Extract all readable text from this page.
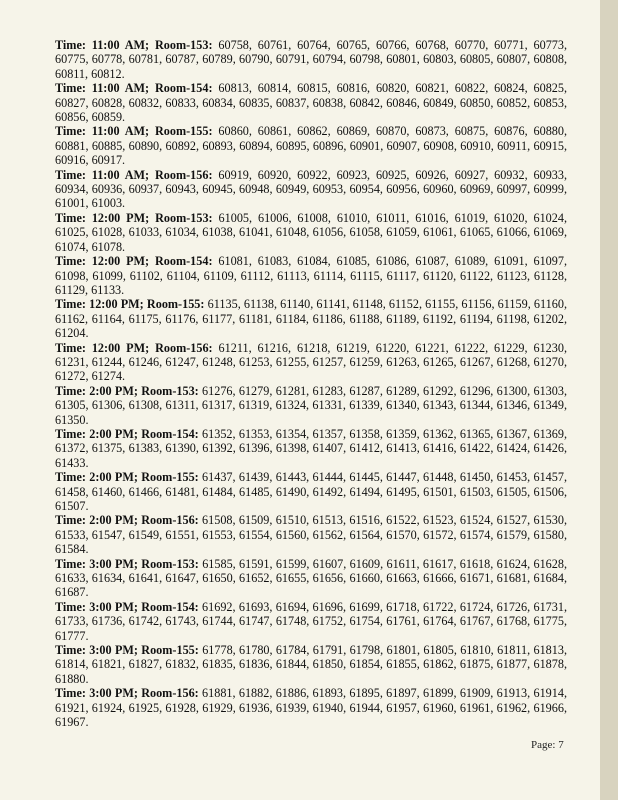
Time: 11:00 AM; Room-153: 60758, 60761, 60764, 60765, 60766, 60768, 60770, 60771, 60773, 60775, 60778, 60781, 60787, 60789, 60790, 60791, 60794, 60798, 60801, 60803, 60805, 60807, 60808, 60811, 60812.

Time: 11:00 AM; Room-154: 60813, 60814, 60815, 60816, 60820, 60821, 60822, 60824, 60825, 60827, 60828, 60832, 60833, 60834, 60835, 60837, 60838, 60842, 60846, 60849, 60850, 60852, 60853, 60856, 60859.

Time: 11:00 AM; Room-155: 60860, 60861, 60862, 60869, 60870, 60873, 60875, 60876, 60880, 60881, 60885, 60890, 60892, 60893, 60894, 60895, 60896, 60901, 60907, 60908, 60910, 60911, 60915, 60916, 60917.

Time: 11:00 AM; Room-156: 60919, 60920, 60922, 60923, 60925, 60926, 60927, 60932, 60933, 60934, 60936, 60937, 60943, 60945, 60948, 60949, 60953, 60954, 60956, 60960, 60969, 60997, 60999, 61001, 61003.

Time: 12:00 PM; Room-153: 61005, 61006, 61008, 61010, 61011, 61016, 61019, 61020, 61024, 61025, 61028, 61033, 61034, 61038, 61041, 61048, 61056, 61058, 61059, 61061, 61065, 61066, 61069, 61074, 61078.

Time: 12:00 PM; Room-154: 61081, 61083, 61084, 61085, 61086, 61087, 61089, 61091, 61097, 61098, 61099, 61102, 61104, 61109, 61112, 61113, 61114, 61115, 61117, 61120, 61122, 61123, 61128, 61129, 61133.

Time: 12:00 PM; Room-155: 61135, 61138, 61140, 61141, 61148, 61152, 61155, 61156, 61159, 61160, 61162, 61164, 61175, 61176, 61177, 61181, 61184, 61186, 61188, 61189, 61192, 61194, 61198, 61202, 61204.

Time: 12:00 PM; Room-156: 61211, 61216, 61218, 61219, 61220, 61221, 61222, 61229, 61230, 61231, 61244, 61246, 61247, 61248, 61253, 61255, 61257, 61259, 61263, 61265, 61267, 61268, 61270, 61272, 61274.

Time: 2:00 PM; Room-153: 61276, 61279, 61281, 61283, 61287, 61289, 61292, 61296, 61300, 61303, 61305, 61306, 61308, 61311, 61317, 61319, 61324, 61331, 61339, 61340, 61343, 61344, 61346, 61349, 61350.

Time: 2:00 PM; Room-154: 61352, 61353, 61354, 61357, 61358, 61359, 61362, 61365, 61367, 61369, 61372, 61375, 61383, 61390, 61392, 61396, 61398, 61407, 61412, 61413, 61416, 61422, 61424, 61426, 61433.

Time: 2:00 PM; Room-155: 61437, 61439, 61443, 61444, 61445, 61447, 61448, 61450, 61453, 61457, 61458, 61460, 61466, 61481, 61484, 61485, 61490, 61492, 61494, 61495, 61501, 61503, 61505, 61506, 61507.

Time: 2:00 PM; Room-156: 61508, 61509, 61510, 61513, 61516, 61522, 61523, 61524, 61527, 61530, 61533, 61547, 61549, 61551, 61553, 61554, 61560, 61562, 61564, 61570, 61572, 61574, 61579, 61580, 61584.

Time: 3:00 PM; Room-153: 61585, 61591, 61599, 61607, 61609, 61611, 61617, 61618, 61624, 61628, 61633, 61634, 61641, 61647, 61650, 61652, 61655, 61656, 61660, 61663, 61666, 61671, 61681, 61684, 61687.

Time: 3:00 PM; Room-154: 61692, 61693, 61694, 61696, 61699, 61718, 61722, 61724, 61726, 61731, 61733, 61736, 61742, 61743, 61744, 61747, 61748, 61752, 61754, 61761, 61764, 61767, 61768, 61775, 61777.

Time: 3:00 PM; Room-155: 61778, 61780, 61784, 61791, 61798, 61801, 61805, 61810, 61811, 61813, 61814, 61821, 61827, 61832, 61835, 61836, 61844, 61850, 61854, 61855, 61862, 61875, 61877, 61878, 61880.

Time: 3:00 PM; Room-156: 61881, 61882, 61886, 61893, 61895, 61897, 61899, 61909, 61913, 61914, 61921, 61924, 61925, 61928, 61929, 61936, 61939, 61940, 61944, 61957, 61960, 61961, 61962, 61966, 61967.

Page: 7
